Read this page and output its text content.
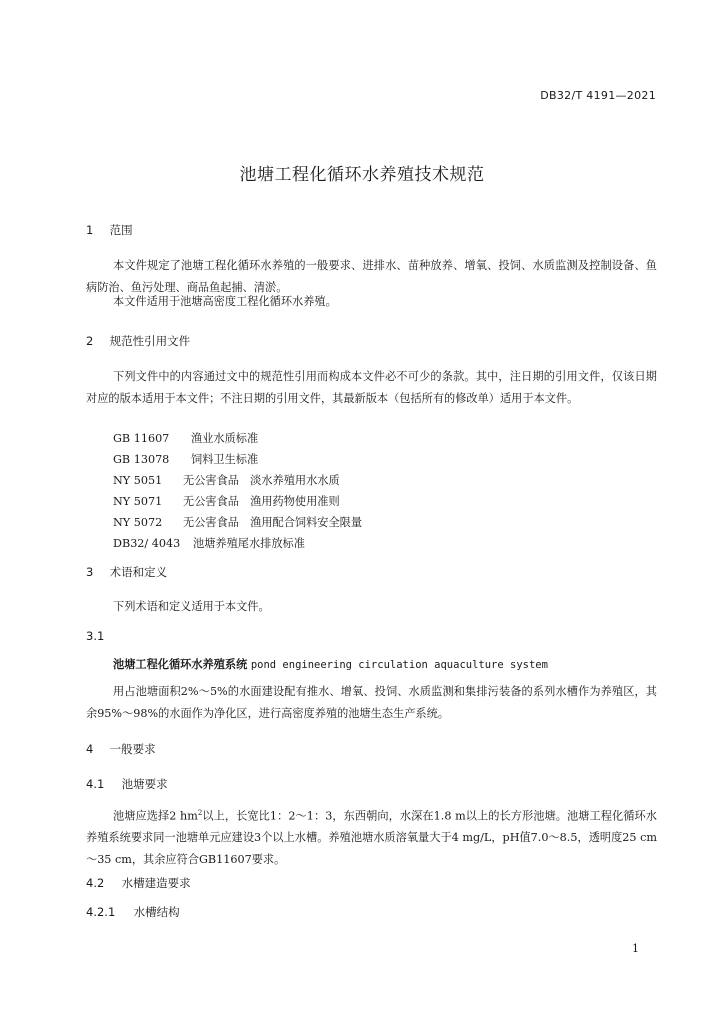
DB32/T 4191—2021
池塘工程化循环水养殖技术规范
1 范围
本文件规定了池塘工程化循环水养殖的一般要求、进排水、苗种放养、增氧、投饲、水质监测及控制设备、鱼病防治、鱼污处理、商品鱼起捕、清淤。
本文件适用于池塘高密度工程化循环水养殖。
2 规范性引用文件
下列文件中的内容通过文中的规范性引用而构成本文件必不可少的条款。其中，注日期的引用文件，仅该日期对应的版本适用于本文件；不注日期的引用文件，其最新版本（包括所有的修改单）适用于本文件。
GB 11607 渔业水质标准
GB 13078 饲料卫生标准
NY 5051 无公害食品　淡水养殖用水水质
NY 5071 无公害食品　渔用药物使用准则
NY 5072 无公害食品　渔用配合饲料安全限量
DB32/ 4043 池塘养殖尾水排放标准
3 术语和定义
下列术语和定义适用于本文件。
3.1
池塘工程化循环水养殖系统 pond engineering circulation aquaculture system
用占池塘面积2%～5%的水面建设配有推水、增氧、投饲、水质监测和集排污装备的系列水槽作为养殖区，其余95%～98%的水面作为净化区，进行高密度养殖的池塘生态生产系统。
4 一般要求
4.1 池塘要求
池塘应选择2 $hm^2$以上，长宽比1：2～1：3，东西朝向，水深在1.8 m以上的长方形池塘。池塘工程化循环水养殖系统要求同一池塘单元应建设3个以上水槽。养殖池塘水质溶氧量大于4 mg/L，pH值7.0～8.5，透明度25 cm～35 cm，其余应符合GB11607要求。
4.2 水槽建造要求
4.2.1 水槽结构
1
